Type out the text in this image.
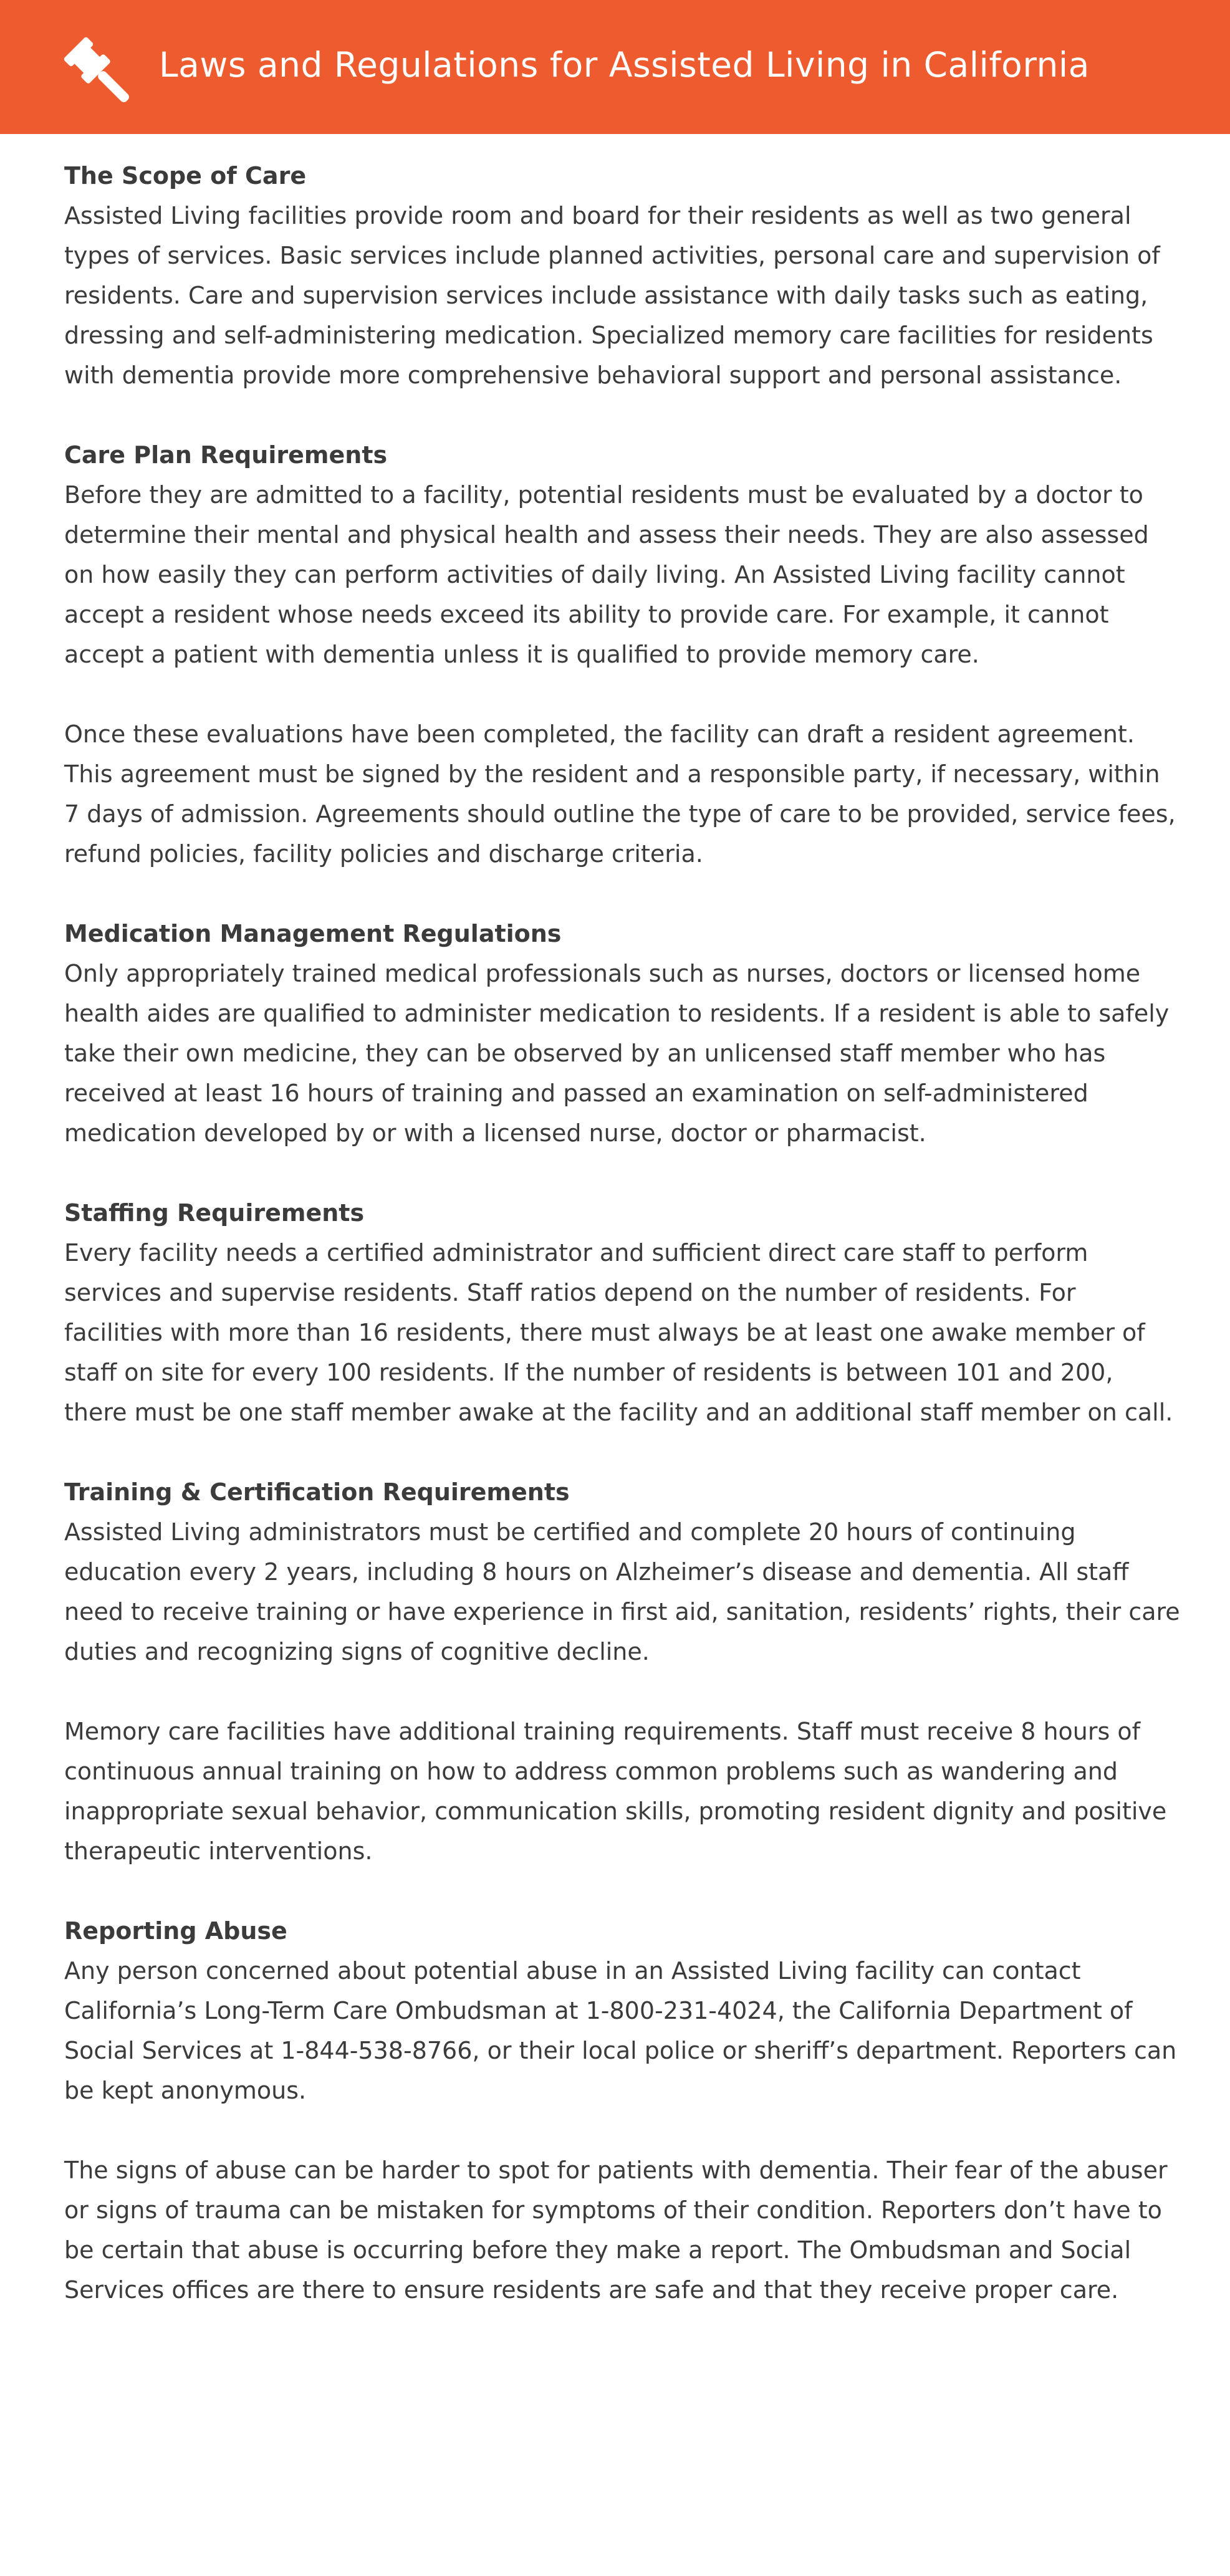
Laws and Regulations for Assisted Living in California
The Scope of Care

Assisted Living facilities provide room and board for their residents as well as two general types of services. Basic services include planned activities, personal care and supervision of residents. Care and supervision services include assistance with daily tasks such as eating, dressing and self-administering medication. Specialized memory care facilities for residents with dementia provide more comprehensive behavioral support and personal assistance.

Care Plan Requirements

Before they are admitted to a facility, potential residents must be evaluated by a doctor to determine their mental and physical health and assess their needs. They are also assessed on how easily they can perform activities of daily living. An Assisted Living facility cannot accept a resident whose needs exceed its ability to provide care. For example, it cannot accept a patient with dementia unless it is qualified to provide memory care.

Once these evaluations have been completed, the facility can draft a resident agreement. This agreement must be signed by the resident and a responsible party, if necessary, within 7 days of admission. Agreements should outline the type of care to be provided, service fees, refund policies, facility policies and discharge criteria.

Medication Management Regulations

Only appropriately trained medical professionals such as nurses, doctors or licensed home health aides are qualified to administer medication to residents. If a resident is able to safely take their own medicine, they can be observed by an unlicensed staff member who has received at least 16 hours of training and passed an examination on self-administered medication developed by or with a licensed nurse, doctor or pharmacist.

Staffing Requirements

Every facility needs a certified administrator and sufficient direct care staff to perform services and supervise residents. Staff ratios depend on the number of residents. For facilities with more than 16 residents, there must always be at least one awake member of staff on site for every 100 residents. If the number of residents is between 101 and 200, there must be one staff member awake at the facility and an additional staff member on call.

Training & Certification Requirements

Assisted Living administrators must be certified and complete 20 hours of continuing education every 2 years, including 8 hours on Alzheimer’s disease and dementia. All staff need to receive training or have experience in first aid, sanitation, residents’ rights, their care duties and recognizing signs of cognitive decline.

Memory care facilities have additional training requirements. Staff must receive 8 hours of continuous annual training on how to address common problems such as wandering and inappropriate sexual behavior, communication skills, promoting resident dignity and positive therapeutic interventions.

Reporting Abuse

Any person concerned about potential abuse in an Assisted Living facility can contact California’s Long-Term Care Ombudsman at 1-800-231-4024, the California Department of Social Services at 1-844-538-8766, or their local police or sheriff’s department. Reporters can be kept anonymous.

The signs of abuse can be harder to spot for patients with dementia. Their fear of the abuser or signs of trauma can be mistaken for symptoms of their condition. Reporters don’t have to be certain that abuse is occurring before they make a report. The Ombudsman and Social Services offices are there to ensure residents are safe and that they receive proper care.
